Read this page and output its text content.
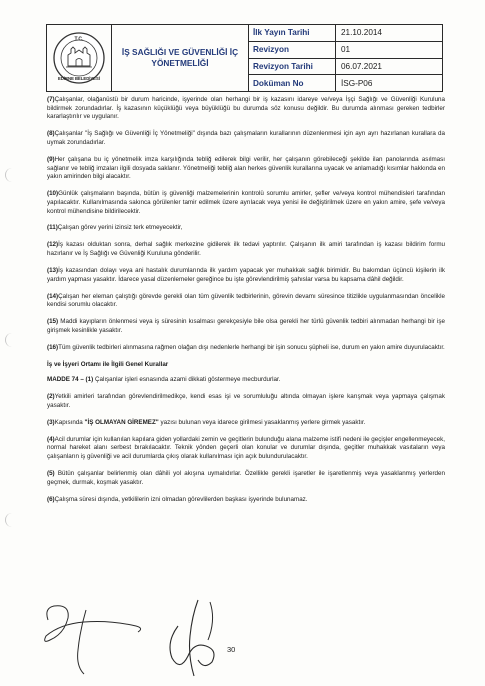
T.C.
EDİRNE BELEDİYESİ
İŞ SAĞLIĞI VE GÜVENLİĞİ İÇ
YÖNETMELİĞİ
İlk Yayın Tarihi	21.10.2014
Revizyon	01
Revizyon Tarihi	06.07.2021
Doküman No	İSG-P06

(7)Çalışanlar, olağanüstü bir durum haricinde, işyerinde olan herhangi bir iş kazasını idareye ve/veya İşçi Sağlığı ve Güvenliği Kuruluna bildirmek zorundadırlar. İş kazasının küçüklüğü veya büyüklüğü bu durumda söz konusu değildir. Bu durumda alınması gereken tedbirler kararlaştırılır ve uygulanır.

(8)Çalışanlar "İş Sağlığı ve Güvenliği İç Yönetmeliği" dışında bazı çalışmaların kurallarının düzenlenmesi için ayrı ayrı hazırlanan kurallara da uymak zorundadırlar.

(9)Her çalışana bu iç yönetmelik imza karşılığında tebliğ edilerek bilgi verilir, her çalışanın görebileceği şekilde ilan panolarında asılması sağlanır ve tebliğ imzaları ilgili dosyada saklanır. Yönetmeliği tebliğ alan herkes güvenlik kurallarına uyacak ve anlamadığı kısımlar hakkında en yakın amirinden bilgi alacaktır.

(10)Günlük çalışmaların başında, bütün iş güvenliği malzemelerinin kontrolü sorumlu amirler, şefler ve/veya kontrol mühendisleri tarafından yapılacaktır. Kullanılmasında sakınca görülenler tamir edilmek üzere ayrılacak veya yenisi ile değiştirilmek üzere en yakın amire, şefe ve/veya kontrol mühendisine bildirilecektir.

(11)Çalışan görev yerini izinsiz terk etmeyecektir,

(12)İş kazası olduktan sonra, derhal sağlık merkezine gidilerek ilk tedavi yaptırılır. Çalışanın ilk amiri tarafından iş kazası bildirim formu hazırlanır ve İş Sağlığı ve Güvenliği Kuruluna gönderilir.

(13)İş kazasından dolayı veya ani hastalık durumlarında ilk yardım yapacak yer muhakkak sağlık birimidir. Bu bakımdan üçüncü kişilerin ilk yardım yapması yasaktır. İdarece yasal düzenlemeler gereğince bu işte görevlendirilmiş şahıslar varsa bu kapsama dâhil değildir.

(14)Çalışan her eleman çalıştığı görevde gerekli olan tüm güvenlik tedbirlerinin, görevin devamı süresince titizlikle uygulanmasından öncelikle kendisi sorumlu olacaktır.

(15) Maddi kayıpların önlenmesi veya iş süresinin kısalması gerekçesiyle bile olsa gerekli her türlü güvenlik tedbiri alınmadan herhangi bir işe girişmek kesinlikle yasaktır.

(16)Tüm güvenlik tedbirleri alınmasına rağmen olağan dışı nedenlerle herhangi bir işin sonucu şüpheli ise, durum en yakın amire duyurulacaktır.

İş ve İşyeri Ortamı ile İlgili Genel Kurallar

MADDE 74 – (1) Çalışanlar işleri esnasında azami dikkati göstermeye mecburdurlar.

(2)Yetkili amirleri tarafından görevlendirilmedikçe, kendi esas işi ve sorumluluğu altında olmayan işlere karışmak veya yapmaya çalışmak yasaktır.

(3)Kapısında "İŞ OLMAYAN GİREMEZ" yazısı bulunan veya idarece girilmesi yasaklanmış yerlere girmek yasaktır.

(4)Acil durumlar için kullanılan kapılara giden yollardaki zemin ve geçitlerin bulunduğu alana malzeme istifi nedeni ile geçişler engellenmeyecek, normal hareket alanı serbest bırakılacaktır. Teknik yönden geçerli olan konular ve durumlar dışında, geçitler muhakkak vasıtaların veya çalışanların iş güvenliği ve acil durumlarda çıkış olarak kullanılması için açık bulundurulacaktır.

(5) Bütün çalışanlar belirlenmiş olan dâhili yol akışına uymalıdırlar. Özellikle gerekli işaretler ile işaretlenmiş veya yasaklanmış yerlerden geçmek, durmak, koşmak yasaktır.

(6)Çalışma süresi dışında, yetkililerin izni olmadan görevlilerden başkası işyerinde bulunamaz.

30
